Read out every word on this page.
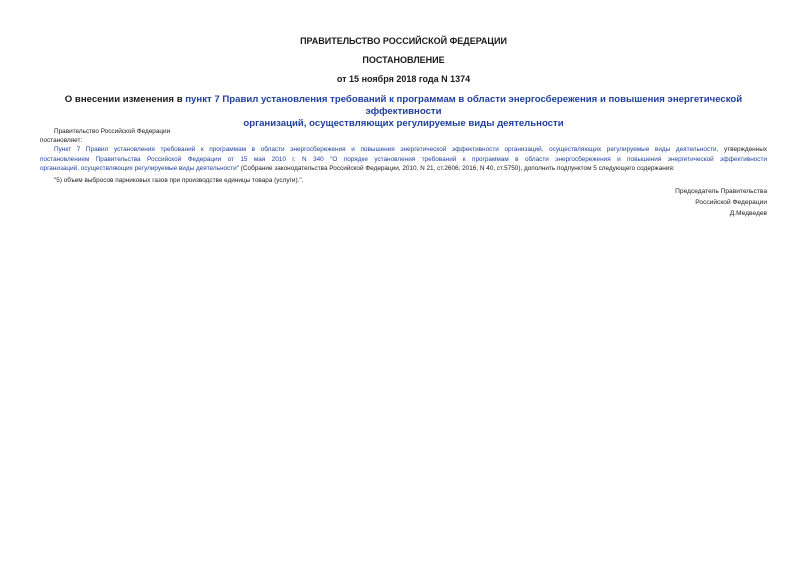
ПРАВИТЕЛЬСТВО РОССИЙСКОЙ ФЕДЕРАЦИИ
ПОСТАНОВЛЕНИЕ
от 15 ноября 2018 года N 1374
О внесении изменения в пункт 7 Правил установления требований к программам в области энергосбережения и повышения энергетической эффективности
организаций, осуществляющих регулируемые виды деятельности
Правительство Российской Федерации
постановляет:
Пункт 7 Правил установления требований к программам в области энергосбережения и повышения энергетической эффективности организаций, осуществляющих регулируемые виды деятельности, утвержденных
постановлением Правительства Российской Федерации от 15 мая 2010 г. N 340 "О порядке установления требований к программам в области энергосбережения и повышения энергетической эффективности
организаций, осуществляющих регулируемые виды деятельности" (Собрание законодательства Российской Федерации, 2010, N 21, ст.2606; 2016, N 40, ст.5750), дополнить подпунктом 5 следующего содержания:
"5) объем выбросов парниковых газов при производстве единицы товара (услуги).".
Председатель Правительства
Российской Федерации
Д.Медведев
